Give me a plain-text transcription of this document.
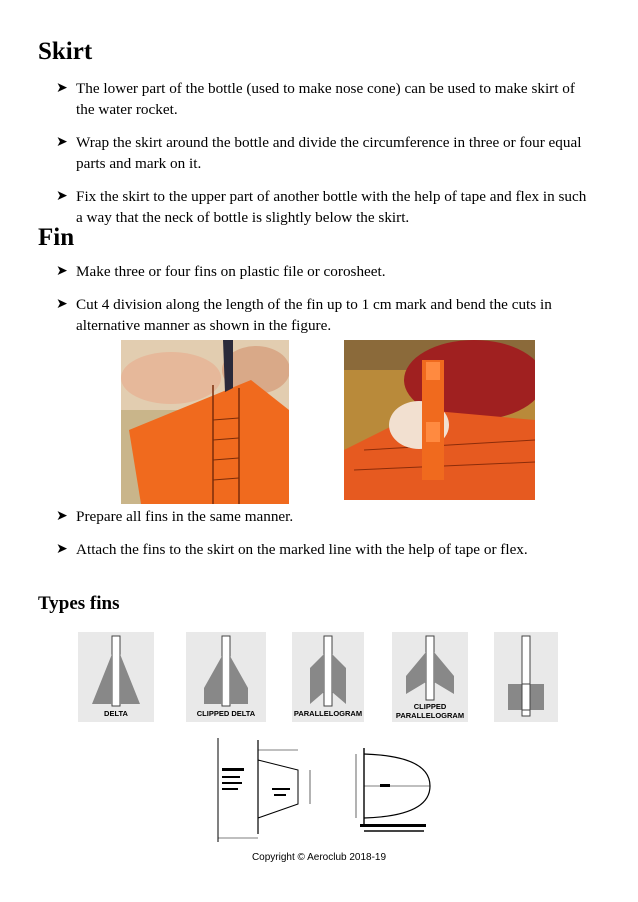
Skirt
➤ The lower part of the bottle (used to make nose cone) can be used to make skirt of the water rocket.
➤ Wrap the skirt around the bottle and divide the circumference in three or four equal parts and mark on it.
➤ Fix the skirt to the upper part of another bottle with the help of tape and flex in such a way that the neck of bottle is slightly below the skirt.
Fin
➤ Make three or four fins on plastic file or corosheet.
➤ Cut 4 division along the length of the fin up to 1 cm mark and bend the cuts in alternative manner as shown in the figure.
➤ Prepare all fins in the same manner.
➤ Attach the fins to the skirt on the marked line with the help of tape or flex.
Types fins
DELTA	CLIPPED DELTA	PARALLELOGRAM
CLIPPED
PARALLELOGRAM
Copyright © Aeroclub 2018-19
